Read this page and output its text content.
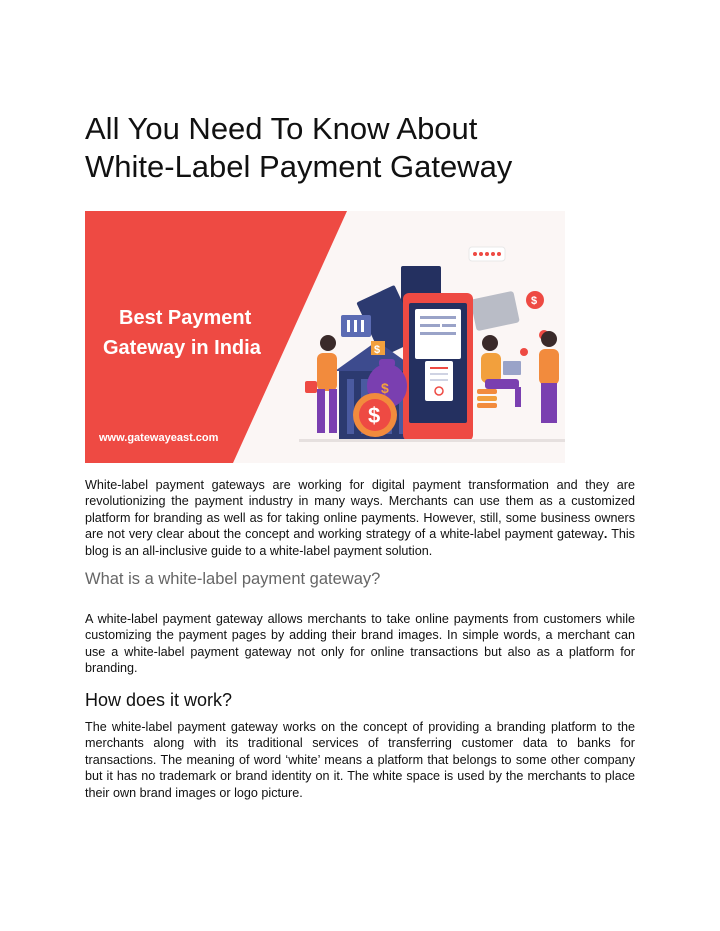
All You Need To Know About
White-Label Payment Gateway
$
$
$
$
Best Payment
Gateway in India
www.gatewayeast.com

White-label payment gateways are working for digital payment transformation and they are revolutionizing the payment industry in many ways. Merchants can use them as a customized platform for branding as well as for taking online payments. However, still, some business owners are not very clear about the concept and working strategy of a white-label payment gateway. This blog is an all-inclusive guide to a white-label payment solution.

What is a white-label payment gateway?

A white-label payment gateway allows merchants to take online payments from customers while customizing the payment pages by adding their brand images. In simple words, a merchant can use a white-label payment gateway not only for online transactions but also as a platform for branding.

How does it work?

The white-label payment gateway works on the concept of providing a branding platform to the merchants along with its traditional services of transferring customer data to banks for transactions. The meaning of word ‘white’ means a platform that belongs to some other company but it has no trademark or brand identity on it. The white space is used by the merchants to place their own brand images or logo picture.
